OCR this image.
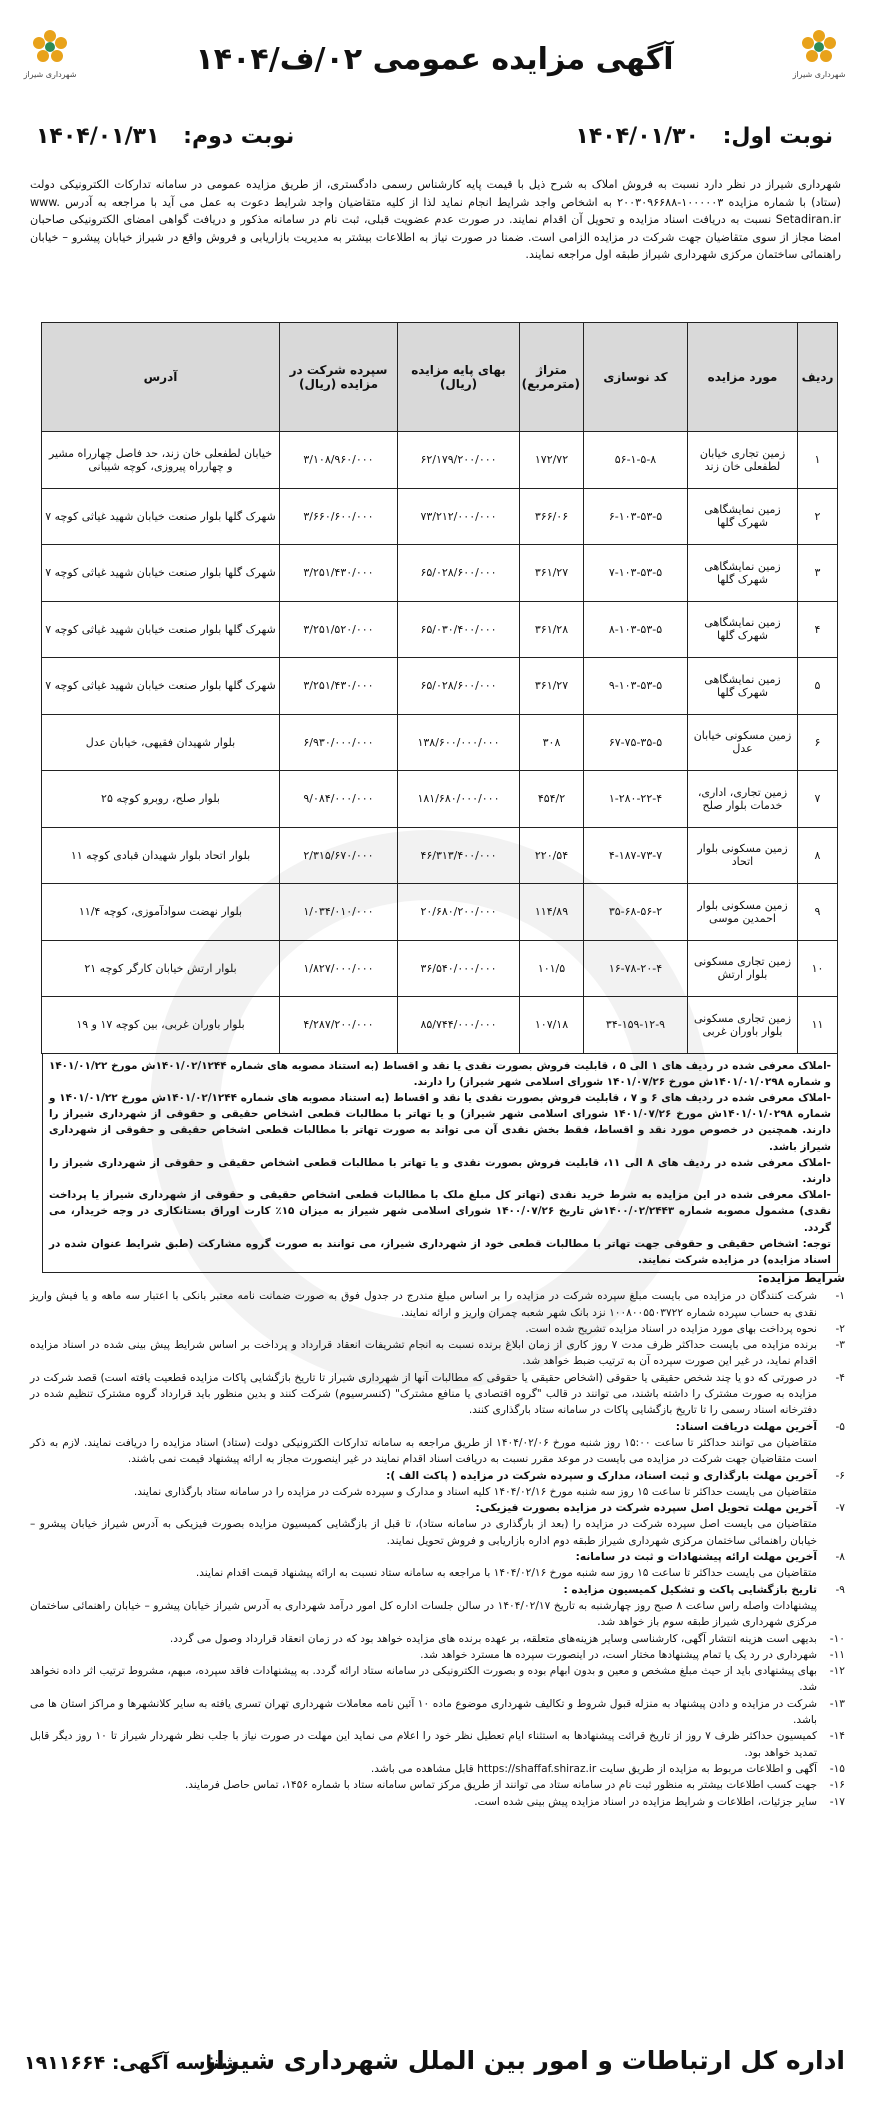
شهرداری شیراز
شهرداری شیراز	آگهی مزایده عمومی ۰۲/ف/۱۴۰۴
نوبت اول: ۱۴۰۴/۰۱/۳۰
نوبت دوم: ۱۴۰۴/۰۱/۳۱
شهرداری شیراز در نظر دارد نسبت به فروش املاک به شرح ذیل با قیمت پایه کارشناس رسمی دادگستری، از طریق مزایده عمومی در سامانه تدارکات الکترونیکی دولت (ستاد) با شماره مزایده ۱۰۰۰۰۰۳-۲۰۰۳۰۹۶۶۸۸ به اشخاص واجد شرایط انجام نماید لذا از کلیه متقاضیان واجد شرایط دعوت به عمل می آید با مراجعه به آدرس www. Setadiran.ir نسبت به دریافت اسناد مزایده و تحویل آن اقدام نمایند. در صورت عدم عضویت قبلی، ثبت نام در سامانه مذکور و دریافت گواهی امضای الکترونیکی صاحبان امضا مجاز از سوی متقاضیان جهت شرکت در مزایده الزامی است. ضمنا در صورت نیاز به اطلاعات بیشتر به مدیریت بازاریابی و فروش واقع در شیراز خیابان پیشرو – خیابان راهنمائی ساختمان مرکزی شهرداری شیراز طبقه اول مراجعه نمایند.
ردیف	مورد مزایده	کد نوسازی	متراژ (مترمربع)	بهای پایه مزایده (ریال)	سپرده شرکت در مزایده (ریال)	آدرس
۱	زمین تجاری خیابان لطفعلی خان زند	۵۶-۱-۵-۸	۱۷۲/۷۲	۶۲/۱۷۹/۲۰۰/۰۰۰	۳/۱۰۸/۹۶۰/۰۰۰	خیابان لطفعلی خان زند، حد فاصل چهارراه مشیر و چهارراه پیروزی، کوچه شیبانی
۲	زمین نمایشگاهی شهرک گلها	۶-۱۰۳-۵۳-۵	۳۶۶/۰۶	۷۳/۲۱۲/۰۰۰/۰۰۰	۳/۶۶۰/۶۰۰/۰۰۰	شهرک گلها بلوار صنعت خیابان شهید غیاثی کوچه ۷
۳	زمین نمایشگاهی شهرک گلها	۷-۱۰۳-۵۳-۵	۳۶۱/۲۷	۶۵/۰۲۸/۶۰۰/۰۰۰	۳/۲۵۱/۴۳۰/۰۰۰	شهرک گلها بلوار صنعت خیابان شهید غیاثی کوچه ۷
۴	زمین نمایشگاهی شهرک گلها	۸-۱۰۳-۵۳-۵	۳۶۱/۲۸	۶۵/۰۳۰/۴۰۰/۰۰۰	۳/۲۵۱/۵۲۰/۰۰۰	شهرک گلها بلوار صنعت خیابان شهید غیاثی کوچه ۷
۵	زمین نمایشگاهی شهرک گلها	۹-۱۰۳-۵۳-۵	۳۶۱/۲۷	۶۵/۰۲۸/۶۰۰/۰۰۰	۳/۲۵۱/۴۳۰/۰۰۰	شهرک گلها بلوار صنعت خیابان شهید غیاثی کوچه ۷
۶	زمین مسکونی خیابان عدل	۶۷-۷۵-۳۵-۵	۳۰۸	۱۳۸/۶۰۰/۰۰۰/۰۰۰	۶/۹۳۰/۰۰۰/۰۰۰	بلوار شهیدان فقیهی، خیابان عدل
۷	زمین تجاری، اداری، خدمات بلوار صلح	۱-۲۸۰-۲۲-۴	۴۵۴/۲	۱۸۱/۶۸۰/۰۰۰/۰۰۰	۹/۰۸۴/۰۰۰/۰۰۰	بلوار صلح، روبرو کوچه ۲۵
۸	زمین مسکونی بلوار اتحاد	۴-۱۸۷-۷۳-۷	۲۲۰/۵۴	۴۶/۳۱۳/۴۰۰/۰۰۰	۲/۳۱۵/۶۷۰/۰۰۰	بلوار اتحاد بلوار شهیدان قبادی کوچه ۱۱
۹	زمین مسکونی بلوار احمدین موسی	۳۵-۶۸-۵۶-۲	۱۱۴/۸۹	۲۰/۶۸۰/۲۰۰/۰۰۰	۱/۰۳۴/۰۱۰/۰۰۰	بلوار نهضت سوادآموزی، کوچه ۱۱/۴
۱۰	زمین تجاری مسکونی بلوار ارتش	۱۶-۷۸-۲۰-۴	۱۰۱/۵	۳۶/۵۴۰/۰۰۰/۰۰۰	۱/۸۲۷/۰۰۰/۰۰۰	بلوار ارتش خیابان کارگر کوچه ۲۱
۱۱	زمین تجاری مسکونی بلوار باوران غربی	۳۴-۱۵۹-۱۲-۹	۱۰۷/۱۸	۸۵/۷۴۴/۰۰۰/۰۰۰	۴/۲۸۷/۲۰۰/۰۰۰	بلوار باوران غربی، بین کوچه ۱۷ و ۱۹
-املاک معرفی شده در ردیف های ۱ الی ۵ ، قابلیت فروش بصورت نقدی یا نقد و اقساط (به استناد مصوبه های شماره ۱۴۰۱/۰۲/۱۲۴۴ش مورخ ۱۴۰۱/۰۱/۲۲ و شماره ۱۴۰۱/۰۱/۰۲۹۸ش مورخ ۱۴۰۱/۰۷/۲۶ شورای اسلامی شهر شیراز) را دارند.
-املاک معرفی شده در ردیف های ۶ و ۷ ، قابلیت فروش بصورت نقدی یا نقد و اقساط (به استناد مصوبه های شماره ۱۴۰۱/۰۲/۱۲۴۴ش مورخ ۱۴۰۱/۰۱/۲۲ و شماره ۱۴۰۱/۰۱/۰۲۹۸ش مورخ ۱۴۰۱/۰۷/۲۶ شورای اسلامی شهر شیراز) و یا تهاتر با مطالبات قطعی اشخاص حقیقی و حقوقی از شهرداری شیراز را دارند. همچنین در خصوص مورد نقد و اقساط، فقط بخش نقدی آن می تواند به صورت تهاتر با مطالبات قطعی اشخاص حقیقی و حقوقی از شهرداری شیراز باشد.
-املاک معرفی شده در ردیف های ۸ الی ۱۱، قابلیت فروش بصورت نقدی و یا تهاتر با مطالبات قطعی اشخاص حقیقی و حقوقی از شهرداری شیراز را دارند.
-املاک معرفی شده در این مزایده به شرط خرید نقدی (تهاتر کل مبلغ ملک با مطالبات قطعی اشخاص حقیقی و حقوقی از شهرداری شیراز یا پرداخت نقدی) مشمول مصوبه شماره ۱۴۰۰/۰۲/۲۴۴۳ش تاریخ ۱۴۰۰/۰۷/۲۶ شورای اسلامی شهر شیراز به میزان ۱۵٪ کارت اوراق بستانکاری در وجه خریدار، می گردد.
توجه: اشخاص حقیقی و حقوقی جهت تهاتر با مطالبات قطعی خود از شهرداری شیراز، می توانند به صورت گروه مشارکت (طبق شرایط عنوان شده در اسناد مزایده) در مزایده شرکت نمایند.
شرایط مزایده:
۱-
شرکت کنندگان در مزایده می بایست مبلغ سپرده شرکت در مزایده را بر اساس مبلغ مندرج در جدول فوق به صورت ضمانت نامه معتبر بانکی با اعتبار سه ماهه و یا فیش واریز نقدی به حساب سپرده شماره ۱۰۰۸۰۰۵۵۰۳۷۲۲ نزد بانک شهر شعبه چمران واریز و ارائه نمایند.
۲-
نحوه پرداخت بهای مورد مزایده در اسناد مزایده تشریح شده است.
۳-
برنده مزایده می بایست حداکثر ظرف مدت ۷ روز کاری از زمان ابلاغ برنده نسبت به انجام تشریفات انعقاد قرارداد و پرداخت بر اساس شرایط پیش بینی شده در اسناد مزایده اقدام نماید، در غیر این صورت سپرده آن به ترتیب ضبط خواهد شد.
۴-
در صورتی که دو یا چند شخص حقیقی یا حقوقی (اشخاص حقیقی یا حقوقی که مطالبات آنها از شهرداری شیراز تا تاریخ بازگشایی پاکات مزایده قطعیت یافته است) قصد شرکت در مزایده به صورت مشترک را داشته باشند، می توانند در قالب "گروه اقتصادی یا منافع مشترک" (کنسرسیوم) شرکت کنند و بدین منظور باید قرارداد گروه مشترک تنظیم شده در دفترخانه اسناد رسمی را تا تاریخ بازگشایی پاکات در سامانه ستاد بارگذاری کنند.
۵-
آخرین مهلت دریافت اسناد:
متقاضیان می توانند حداکثر تا ساعت ۱۵:۰۰ روز شنبه مورخ ۱۴۰۴/۰۲/۰۶ از طریق مراجعه به سامانه تدارکات الکترونیکی دولت (ستاد) اسناد مزایده را دریافت نمایند. لازم به ذکر است متقاضیان جهت شرکت در مزایده می بایست در موعد مقرر نسبت به دریافت اسناد اقدام نمایند در غیر اینصورت مجاز به ارائه پیشنهاد قیمت نمی باشند.
۶-
آخرین مهلت بارگذاری و ثبت اسناد، مدارک و سپرده شرکت در مزایده ( پاکت الف ):
متقاضیان می بایست حداکثر تا ساعت ۱۵ روز سه شنبه مورخ ۱۴۰۴/۰۲/۱۶ کلیه اسناد و مدارک و سپرده شرکت در مزایده را در سامانه ستاد بارگذاری نمایند.
۷-
آخرین مهلت تحویل اصل سپرده شرکت در مزایده بصورت فیزیکی:
متقاضیان می بایست اصل سپرده شرکت در مزایده را (بعد از بارگذاری در سامانه ستاد)، تا قبل از بازگشایی کمیسیون مزایده بصورت فیزیکی به آدرس شیراز خیابان پیشرو – خیابان راهنمائی ساختمان مرکزی شهرداری شیراز طبقه دوم اداره بازاریابی و فروش تحویل نمایند.
۸-
آخرین مهلت ارائه پیشنهادات و ثبت در سامانه:
متقاضیان می بایست حداکثر تا ساعت ۱۵ روز سه شنبه مورخ ۱۴۰۴/۰۲/۱۶ با مراجعه به سامانه ستاد نسبت به ارائه پیشنهاد قیمت اقدام نمایند.
۹-
تاریخ بازگشایی پاکت و تشکیل کمیسیون مزایده :
پیشنهادات واصله راس ساعت ۸ صبح روز چهارشنبه به تاریخ ۱۴۰۴/۰۲/۱۷ در سالن جلسات اداره کل امور درآمد شهرداری به آدرس شیراز خیابان پیشرو – خیابان راهنمائی ساختمان مرکزی شهرداری شیراز طبقه سوم باز خواهد شد.
۱۰-
بدیهی است هزینه انتشار آگهی، کارشناسی وسایر هزینه‌های متعلقه، بر عهده برنده های مزایده خواهد بود که در زمان انعقاد قرارداد وصول می گردد.
۱۱-
شهرداری در رد یک یا تمام پیشنهادها مختار است، در اینصورت سپرده ها مسترد خواهد شد.
۱۲-
بهای پیشنهادی باید از حیث مبلغ مشخص و معین و بدون ابهام بوده و بصورت الکترونیکی در سامانه ستاد ارائه گردد. به پیشنهادات فاقد سپرده، مبهم، مشروط ترتیب اثر داده نخواهد شد.
۱۳-
شرکت در مزایده و دادن پیشنهاد به منزله قبول شروط و تکالیف شهرداری موضوع ماده ۱۰ آئین نامه معاملات شهرداری تهران تسری یافته به سایر کلانشهرها و مراکز استان ها می باشد.
۱۴-
کمیسیون حداکثر ظرف ۷ روز از تاریخ قرائت پیشنهادها به استثناء ایام تعطیل نظر خود را اعلام می نماید این مهلت در صورت نیاز با جلب نظر شهردار شیراز تا ۱۰ روز دیگر قابل تمدید خواهد بود.
۱۵-
آگهی و اطلاعات مربوط به مزایده از طریق سایت https://shaffaf.shiraz.ir قابل مشاهده می باشد.
۱۶-
جهت کسب اطلاعات بیشتر به منظور ثبت نام در سامانه ستاد می توانند از طریق مرکز تماس سامانه ستاد با شماره ۱۴۵۶، تماس حاصل فرمایند.
۱۷-
سایر جزئیات، اطلاعات و شرایط مزایده در اسناد مزایده پیش بینی شده است.
اداره کل ارتباطات و امور بین الملل شهرداری شیراز
شناسه آگهی: ۱۹۱۱۶۶۴
